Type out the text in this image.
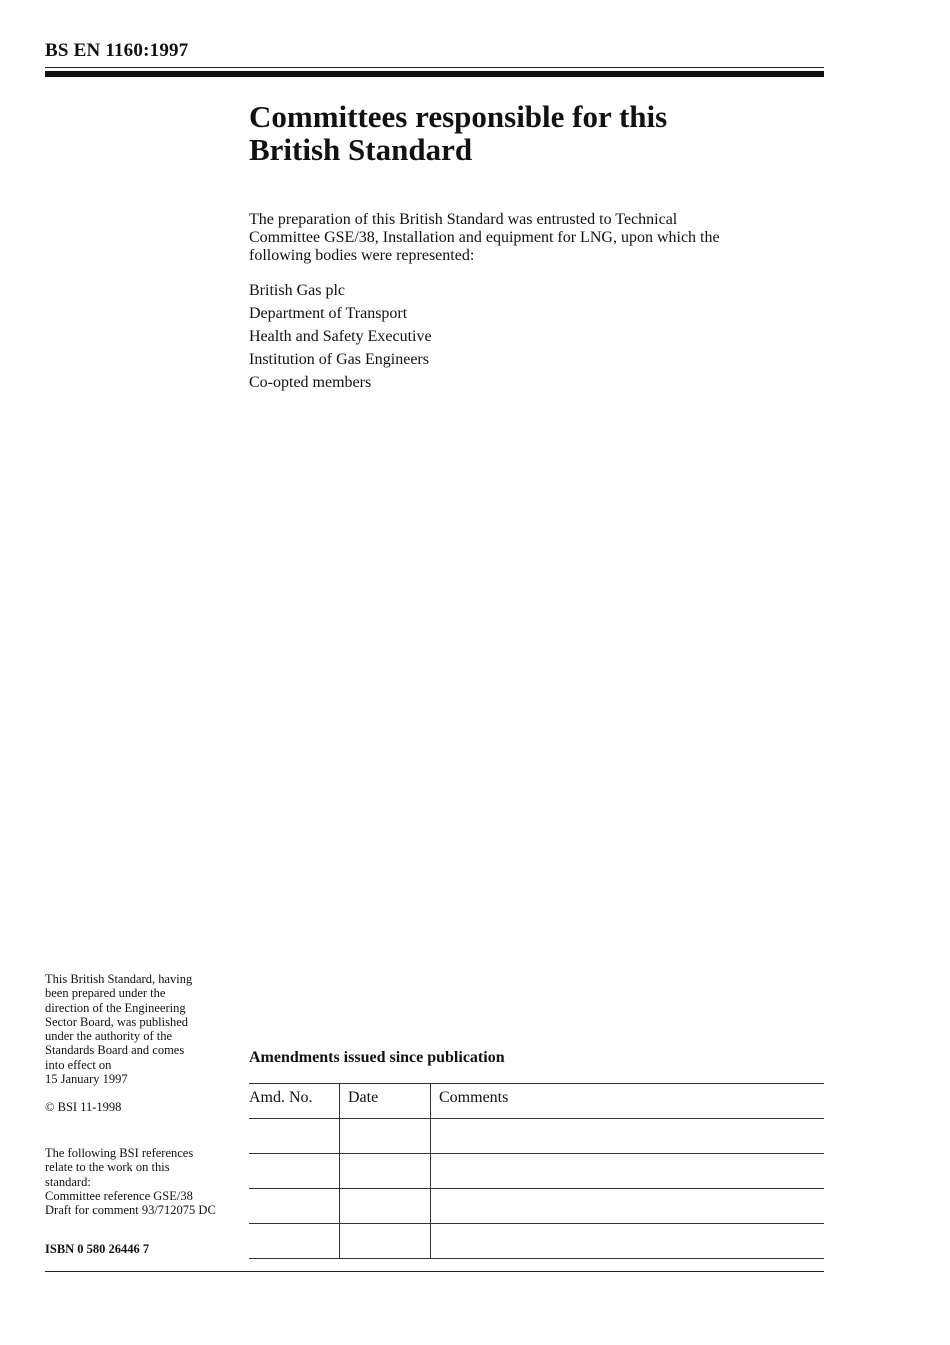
BS EN 1160:1997
Committees responsible for this
British Standard

The preparation of this British Standard was entrusted to Technical
Committee GSE/38, Installation and equipment for LNG, upon which the
following bodies were represented:

British Gas plc
Department of Transport
Health and Safety Executive
Institution of Gas Engineers
Co-opted members

This British Standard, having
been prepared under the
direction of the Engineering
Sector Board, was published
under the authority of the
Standards Board and comes
into effect on
15 January 1997

© BSI 11-1998

The following BSI references
relate to the work on this
standard:
Committee reference GSE/38
Draft for comment 93/712075 DC

ISBN 0 580 26446 7

Amendments issued since publication
Amd. No.	Date	Comments
